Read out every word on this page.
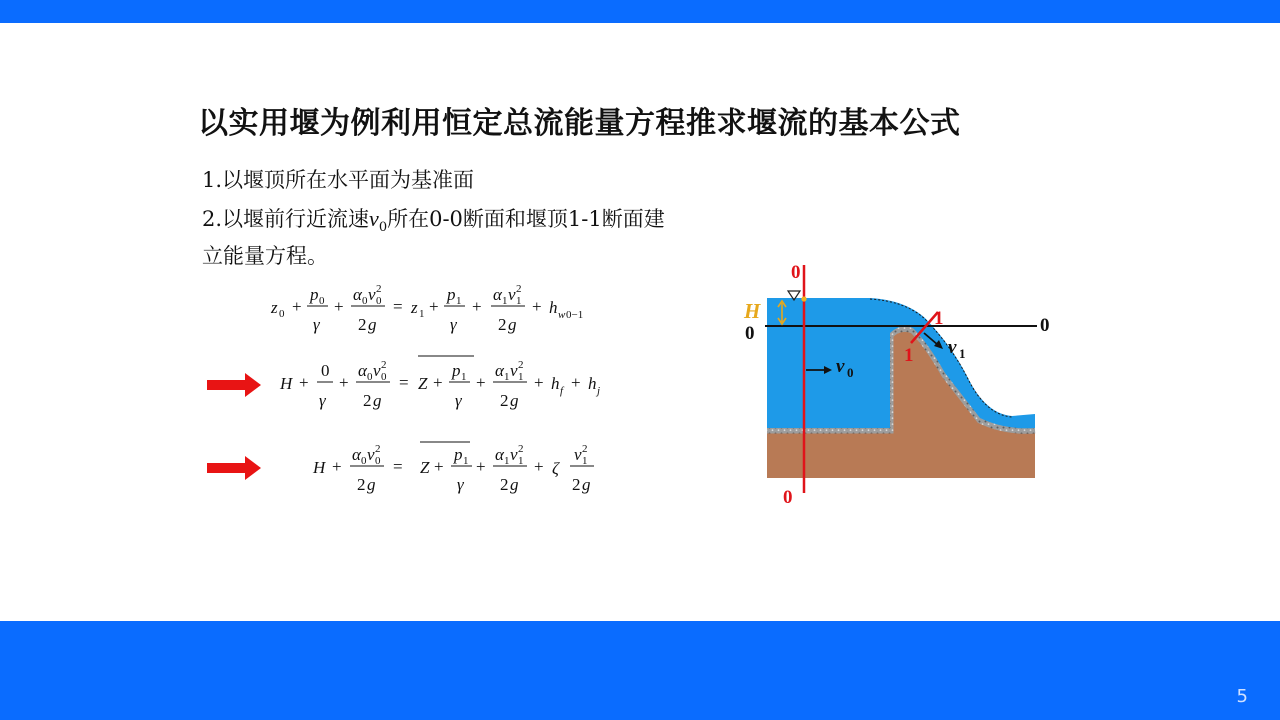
以实用堰为例利用恒定总流能量方程推求堰流的基本公式
1.以堰顶所在水平面为基准面
2.以堰前行近流速$v_0$所在0-0断面和堰顶1-1断面建立能量方程。
z 0 +
p 0
γ
+
α 0 v 0
2
2 g
= z 1 +
p 1
γ
+
α 1 v 1
2
2 g
+ h w 0−1
H +
0
γ
+
α 0 v 0
2
2 g
= Z +
p 1
γ
+
α 1 v 1
2
2 g
+ h f + h j
H +
α 0 v 0
2
2 g
= Z +
p 1
γ
+
α 1 v 1
2
2 g
+ ζ
v 1
2
2 g
H
0
0
0	0
1
1
v 0
v 1
5
